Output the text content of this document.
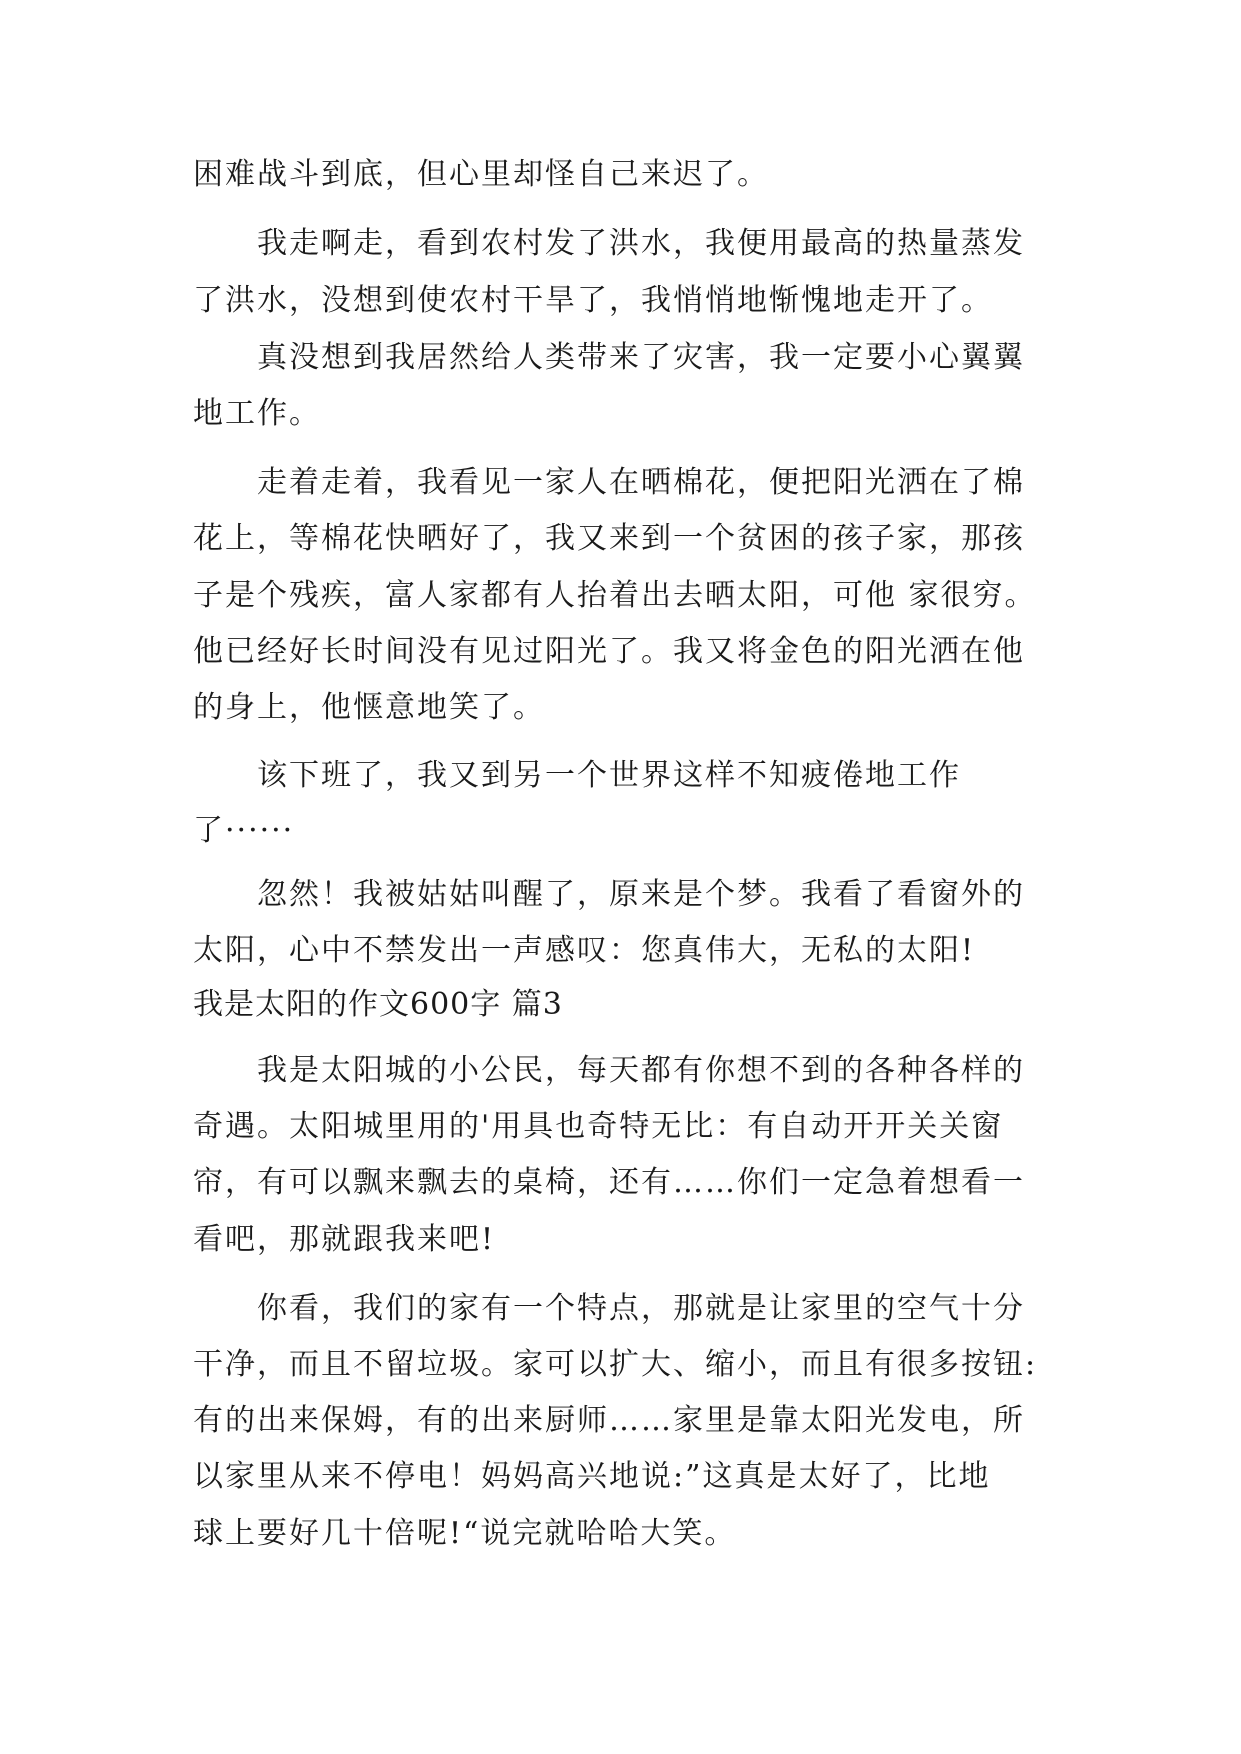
困难战斗到底，但心里却怪自己来迟了。
我走啊走，看到农村发了洪水，我便用最高的热量蒸发
了洪水，没想到使农村干旱了，我悄悄地惭愧地走开了。
真没想到我居然给人类带来了灾害，我一定要小心翼翼
地工作。
走着走着，我看见一家人在晒棉花，便把阳光洒在了棉
花上，等棉花快晒好了，我又来到一个贫困的孩子家，那孩
子是个残疾，富人家都有人抬着出去晒太阳，可他 家很穷。
他已经好长时间没有见过阳光了。我又将金色的阳光洒在他
的身上，他惬意地笑了。
该下班了，我又到另一个世界这样不知疲倦地工作
了······
忽然！我被姑姑叫醒了，原来是个梦。我看了看窗外的
太阳，心中不禁发出一声感叹：您真伟大，无私的太阳!
我是太阳的作文600字 篇3
我是太阳城的小公民，每天都有你想不到的各种各样的
奇遇。太阳城里用的'用具也奇特无比：有自动开开关关窗
帘，有可以飘来飘去的桌椅，还有……你们一定急着想看一
看吧，那就跟我来吧!
你看，我们的家有一个特点，那就是让家里的空气十分
干净，而且不留垃圾。家可以扩大、缩小，而且有很多按钮:
有的出来保姆，有的出来厨师……家里是靠太阳光发电，所
以家里从来不停电！妈妈高兴地说:”这真是太好了，比地
球上要好几十倍呢!“说完就哈哈大笑。
